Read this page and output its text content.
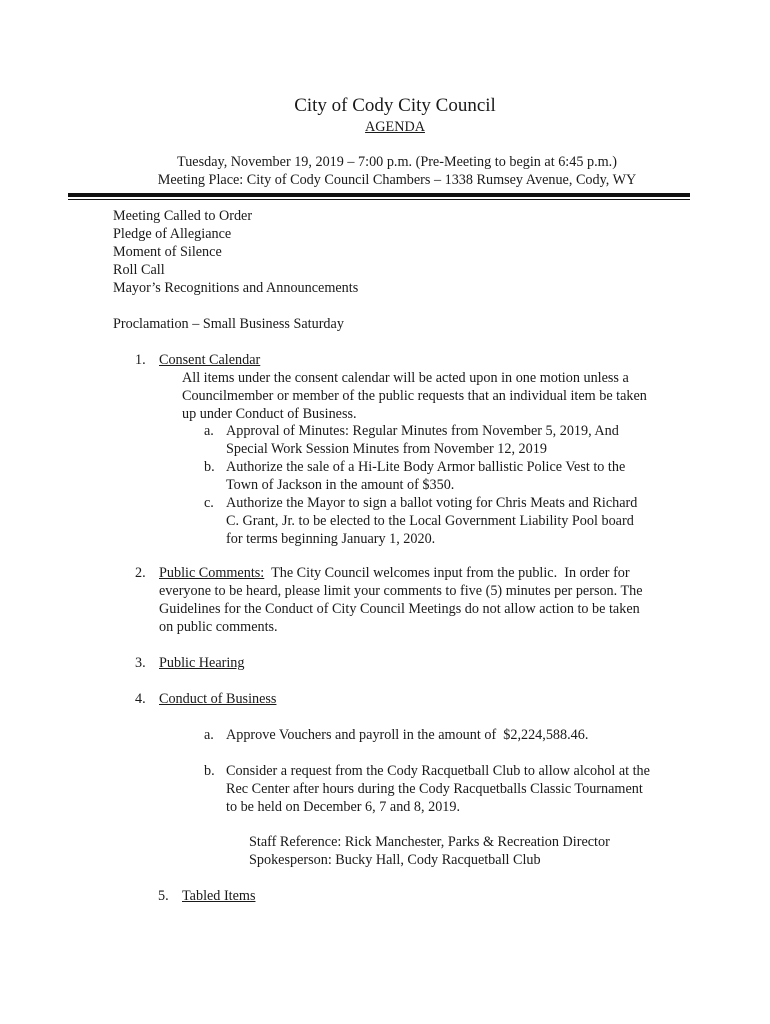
City of Cody City Council
AGENDA
Tuesday, November 19, 2019 – 7:00 p.m. (Pre-Meeting to begin at 6:45 p.m.)
Meeting Place: City of Cody Council Chambers – 1338 Rumsey Avenue, Cody, WY
Meeting Called to Order
Pledge of Allegiance
Moment of Silence
Roll Call
Mayor’s Recognitions and Announcements
Proclamation – Small Business Saturday
1. Consent Calendar
All items under the consent calendar will be acted upon in one motion unless a
Councilmember or member of the public requests that an individual item be taken
up under Conduct of Business.
a. Approval of Minutes: Regular Minutes from November 5, 2019, And
Special Work Session Minutes from November 12, 2019
b. Authorize the sale of a Hi-Lite Body Armor ballistic Police Vest to the
Town of Jackson in the amount of $350.
c. Authorize the Mayor to sign a ballot voting for Chris Meats and Richard
C. Grant, Jr. to be elected to the Local Government Liability Pool board
for terms beginning January 1, 2020.
2. Public Comments:  The City Council welcomes input from the public.  In order for
everyone to be heard, please limit your comments to five (5) minutes per person. The
Guidelines for the Conduct of City Council Meetings do not allow action to be taken
on public comments.
3. Public Hearing
4. Conduct of Business
a. Approve Vouchers and payroll in the amount of  $2,224,588.46.
b. Consider a request from the Cody Racquetball Club to allow alcohol at the
Rec Center after hours during the Cody Racquetballs Classic Tournament
to be held on December 6, 7 and 8, 2019.
Staff Reference: Rick Manchester, Parks & Recreation Director
Spokesperson: Bucky Hall, Cody Racquetball Club
5. Tabled Items
